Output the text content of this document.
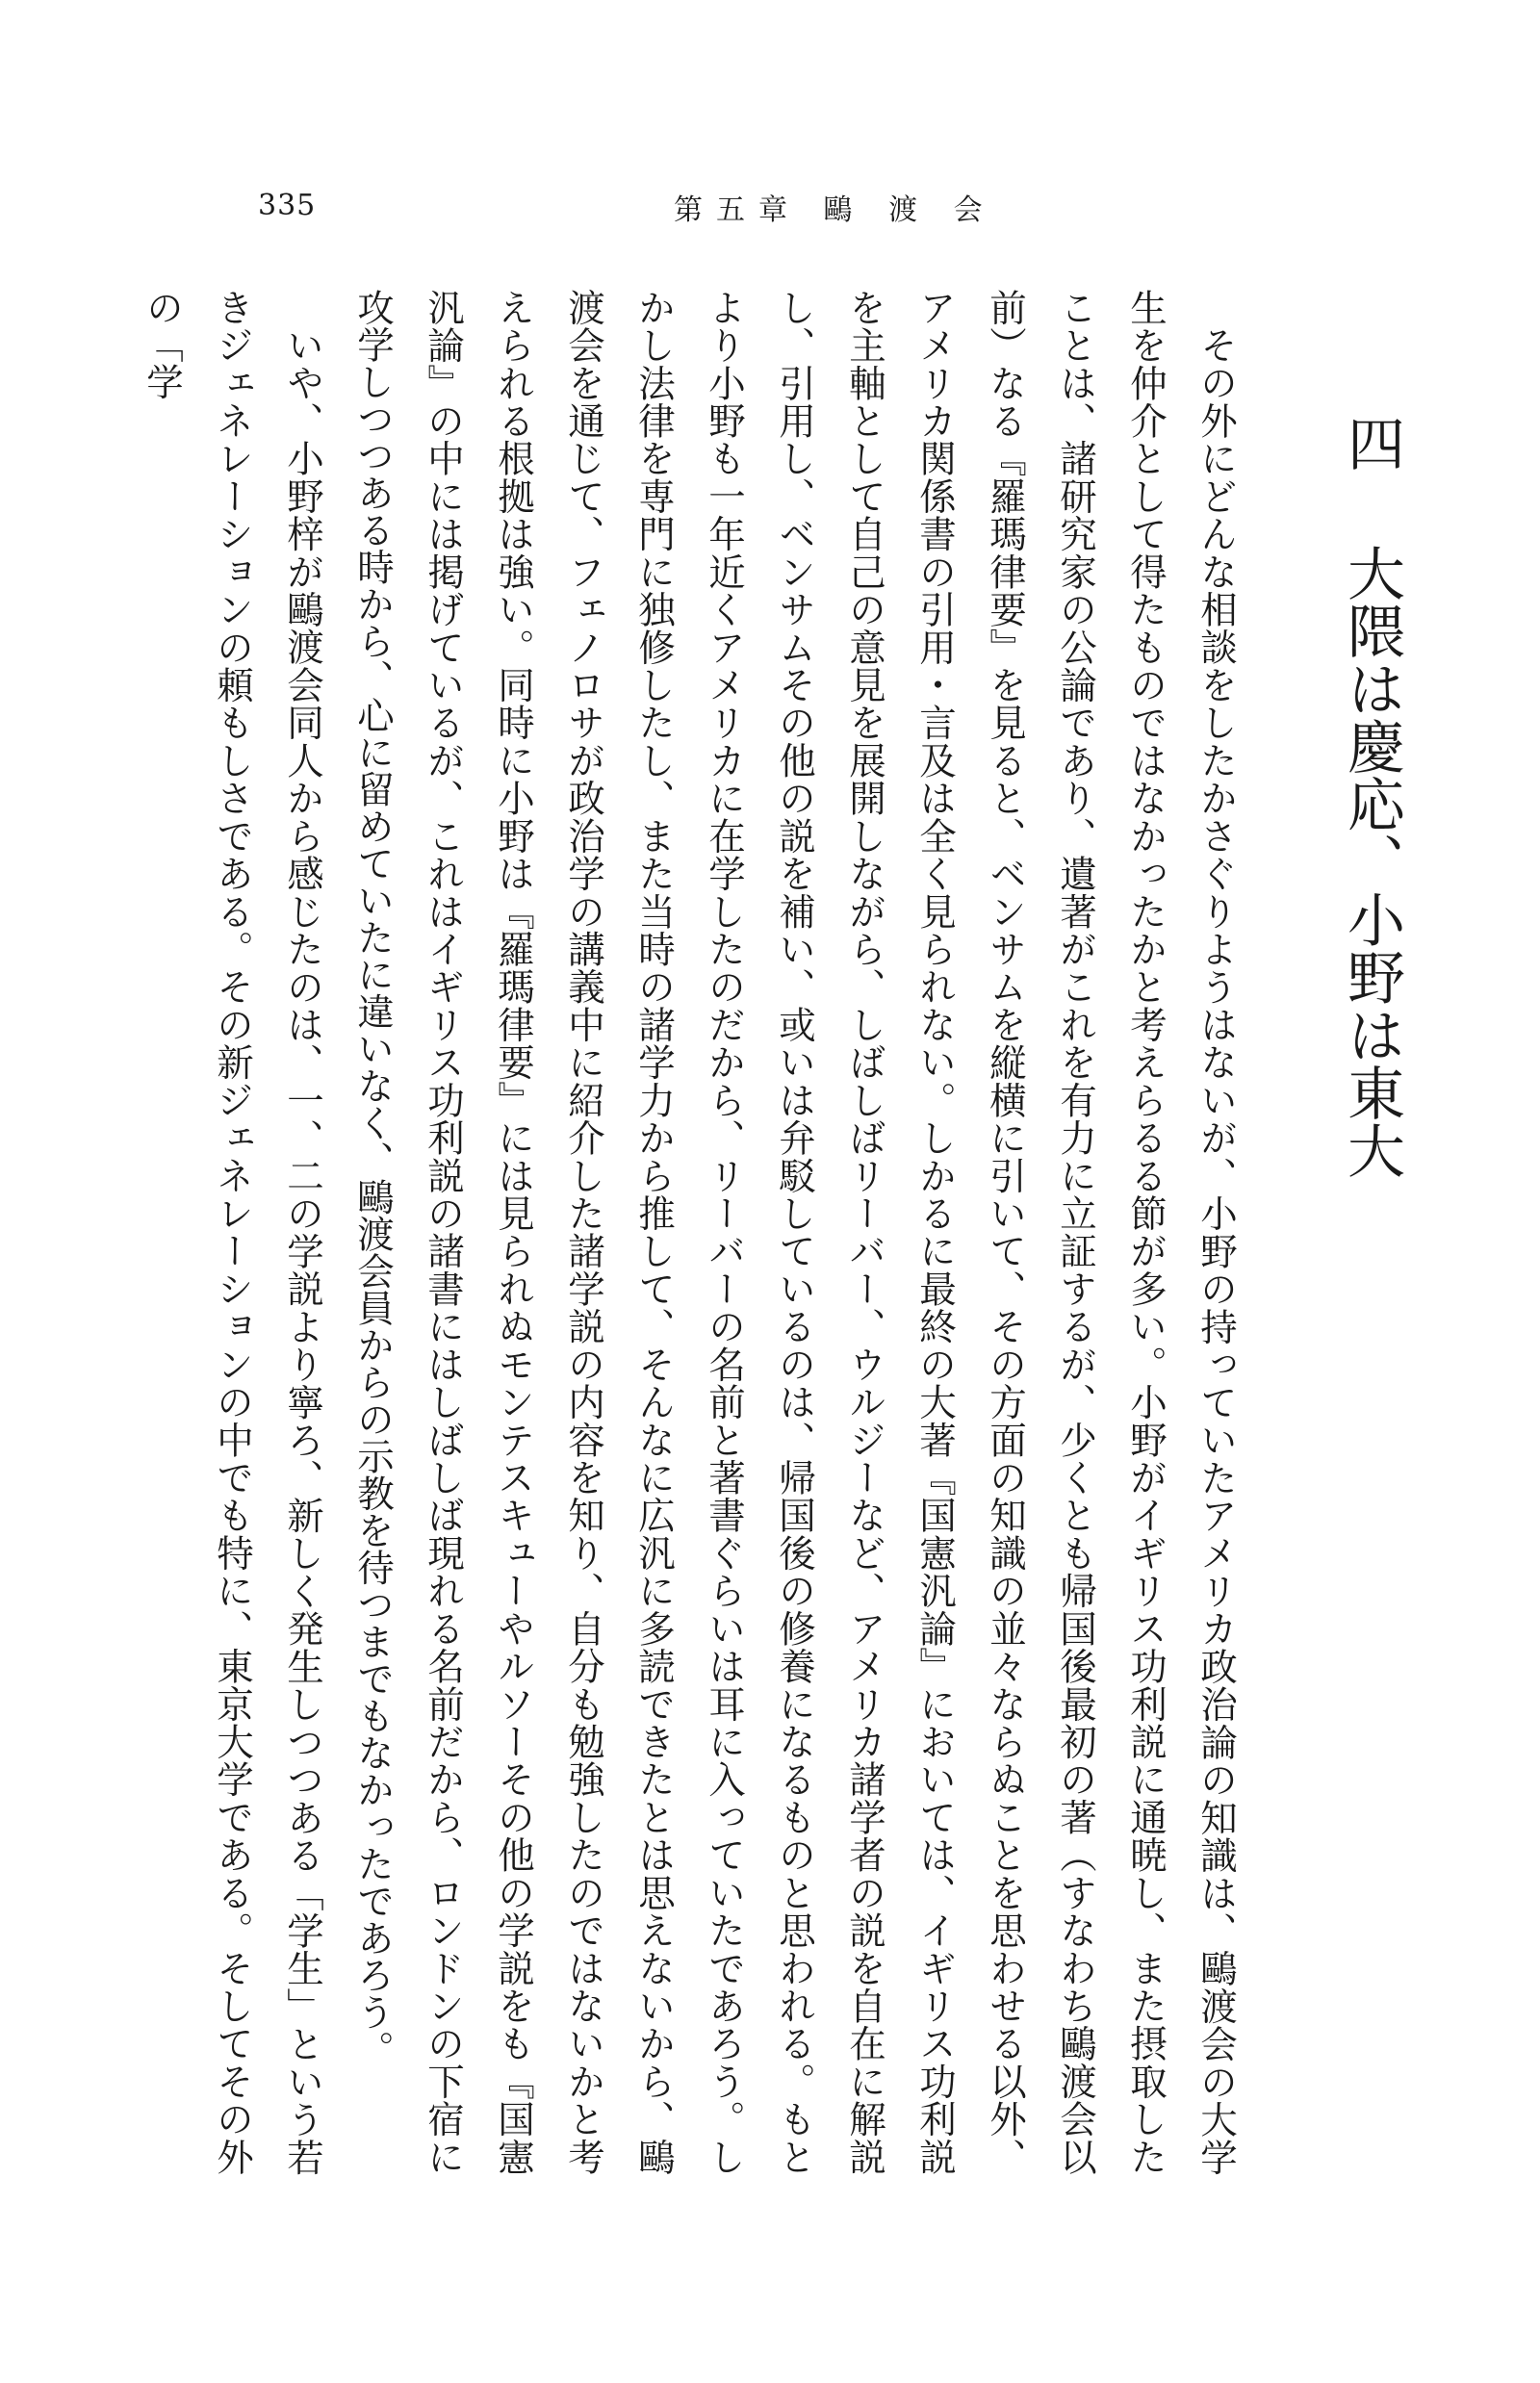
335	第五章 鷗 渡 会
四 大隈は慶応、小野は東大

その外にどんな相談をしたかさぐりようはないが、小野の持っていたアメリカ政治論の知識は、鷗渡会の大学生を仲介として得たものではなかったかと考えらるる節が多い。小野がイギリス功利説に通暁し、また摂取したことは、諸研究家の公論であり、遺著がこれを有力に立証するが、少くとも帰国後最初の著（すなわち鷗渡会以前）なる『羅瑪律要』を見ると、ベンサムを縦横に引いて、その方面の知識の並々ならぬことを思わせる以外、アメリカ関係書の引用・言及は全く見られない。しかるに最終の大著『国憲汎論』においては、イギリス功利説を主軸として自己の意見を展開しながら、しばしばリーバー、ウルジーなど、アメリカ諸学者の説を自在に解説し、引用し、ベンサムその他の説を補い、或いは弁駁しているのは、帰国後の修養になるものと思われる。もとより小野も一年近くアメリカに在学したのだから、リーバーの名前と著書ぐらいは耳に入っていたであろう。しかし法律を専門に独修したし、また当時の諸学力から推して、そんなに広汎に多読できたとは思えないから、鷗渡会を通じて、フェノロサが政治学の講義中に紹介した諸学説の内容を知り、自分も勉強したのではないかと考えられる根拠は強い。同時に小野は『羅瑪律要』には見られぬモンテスキューやルソーその他の学説をも『国憲汎論』の中には掲げているが、これはイギリス功利説の諸書にはしばしば現れる名前だから、ロンドンの下宿に攻学しつつある時から、心に留めていたに違いなく、鷗渡会員からの示教を待つまでもなかったであろう。

いや、小野梓が鷗渡会同人から感じたのは、一、二の学説より寧ろ、新しく発生しつつある「学生」という若きジェネレーションの頼もしさである。その新ジェネレーションの中でも特に、東京大学である。そしてその外の「学
